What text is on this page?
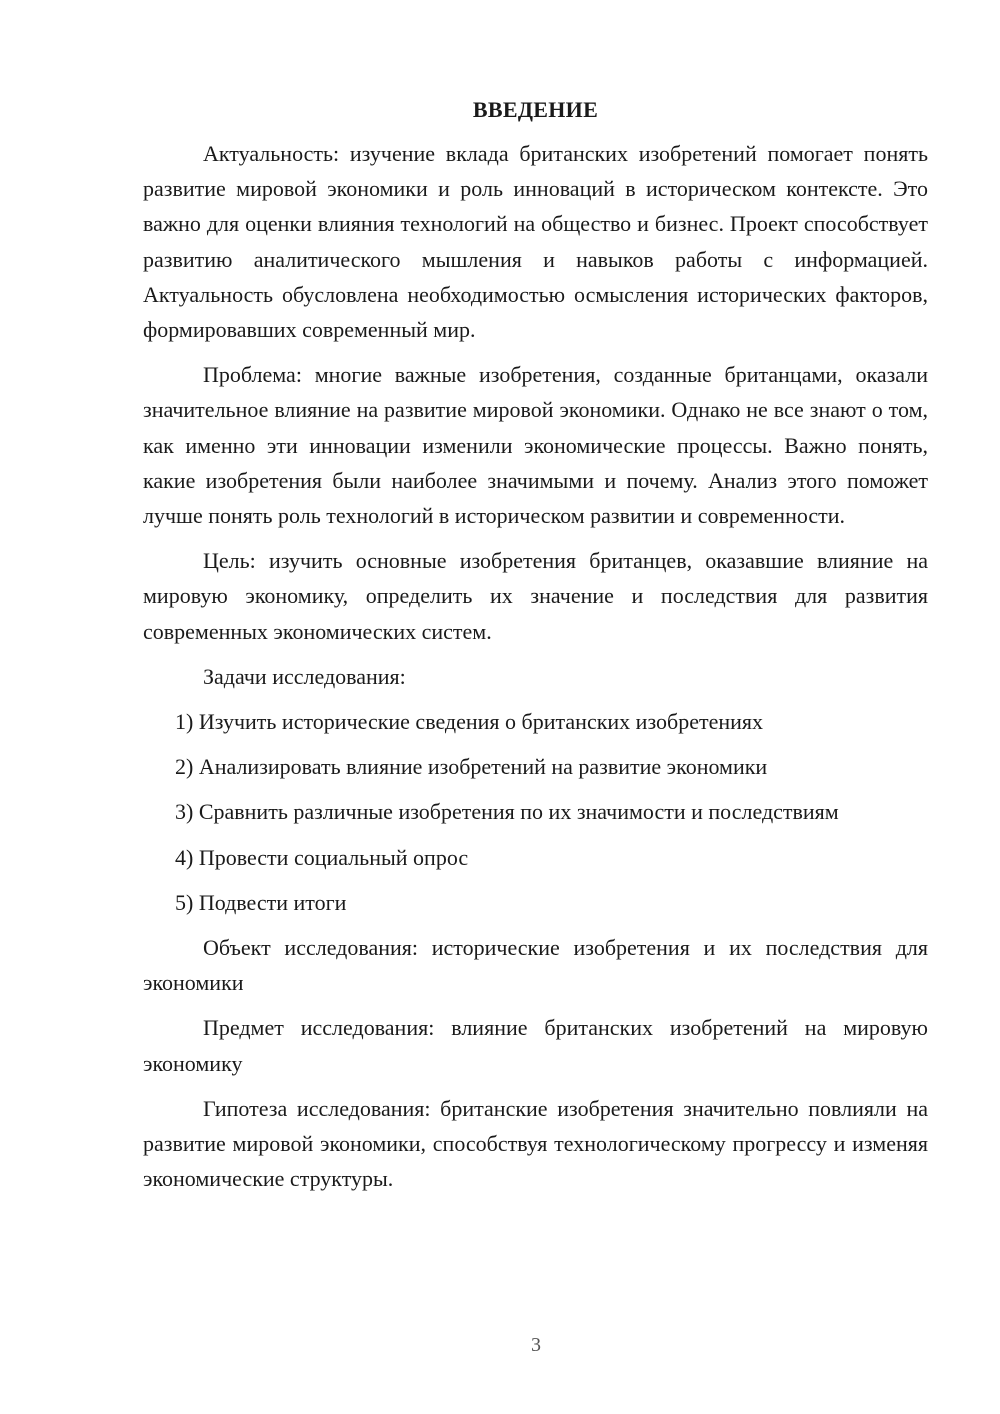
ВВЕДЕНИЕ

Актуальность: изучение вклада британских изобретений помогает понять развитие мировой экономики и роль инноваций в историческом контексте. Это важно для оценки влияния технологий на общество и бизнес. Проект способствует развитию аналитического мышления и навыков работы с информацией. Актуальность обусловлена необходимостью осмысления исторических факторов, формировавших современный мир.

Проблема: многие важные изобретения, созданные британцами, оказали значительное влияние на развитие мировой экономики. Однако не все знают о том, как именно эти инновации изменили экономические процессы. Важно понять, какие изобретения были наиболее значимыми и почему. Анализ этого поможет лучше понять роль технологий в историческом развитии и современности.

Цель: изучить основные изобретения британцев, оказавшие влияние на мировую экономику, определить их значение и последствия для развития современных экономических систем.

Задачи исследования:

1) Изучить исторические сведения о британских изобретениях

2) Анализировать влияние изобретений на развитие экономики

3) Сравнить различные изобретения по их значимости и последствиям

4) Провести социальный опрос

5) Подвести итоги

Объект исследования: исторические изобретения и их последствия для экономики

Предмет исследования: влияние британских изобретений на мировую экономику

Гипотеза исследования: британские изобретения значительно повлияли на развитие мировой экономики, способствуя технологическому прогрессу и изменяя экономические структуры.

3
